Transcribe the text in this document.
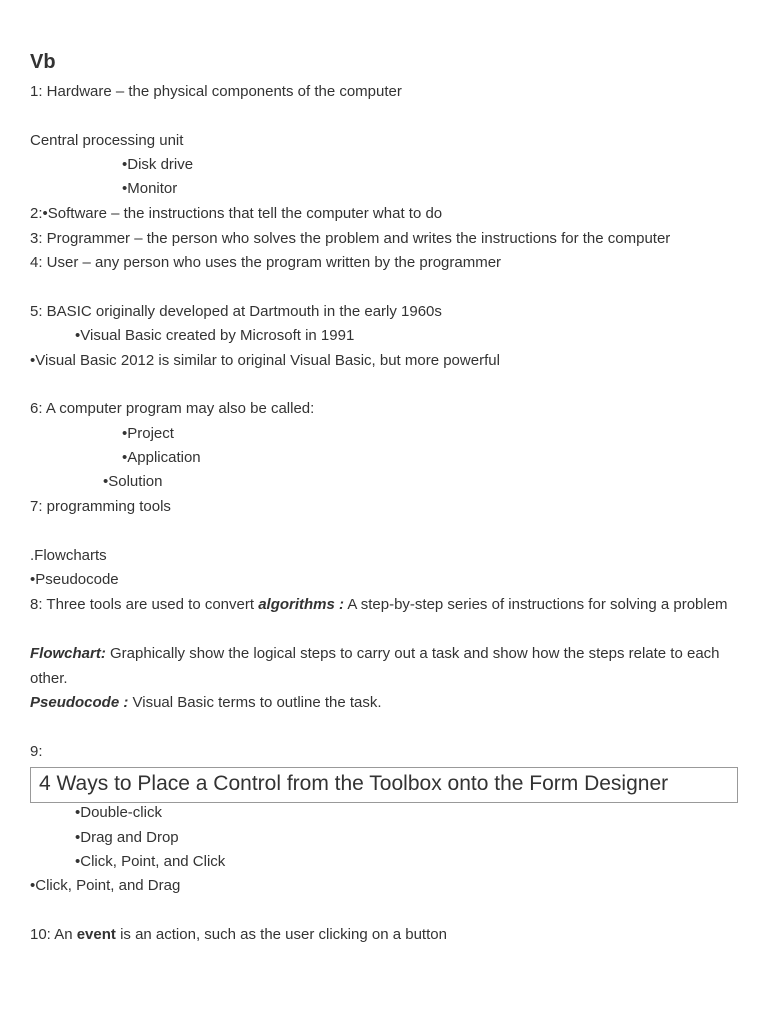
Vb
1: Hardware – the physical components of the computer
Central processing unit
•Disk drive
•Monitor
2:•Software – the instructions that tell the computer what to do
3: Programmer – the person who solves the problem and writes the instructions for the computer
4: User – any person who uses the program written by the programmer
5: BASIC originally developed at Dartmouth in the early 1960s
•Visual Basic created by Microsoft in 1991
•Visual Basic 2012 is similar to original Visual Basic, but more powerful
6: A computer program may also be called:
•Project
•Application
•Solution
7: programming tools
.Flowcharts
•Pseudocode
8: Three tools are used to convert algorithms : A step-by-step series of instructions for solving a problem
Flowchart: Graphically show the logical steps to carry out a task and show how the steps relate to each other.
Pseudocode : Visual Basic terms to outline the task.
9:
4 Ways to Place a Control from the Toolbox onto the Form Designer
•Double-click
•Drag and Drop
•Click, Point, and Click
•Click, Point, and Drag
10: An event is an action, such as the user clicking on a button
